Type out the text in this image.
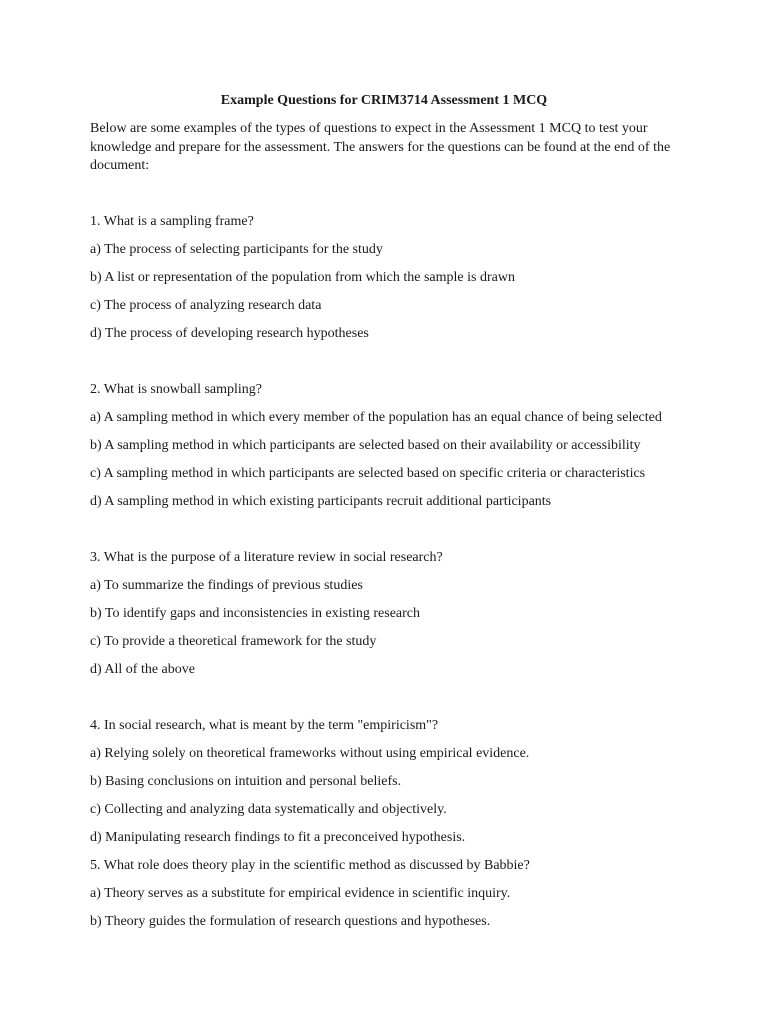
Example Questions for CRIM3714 Assessment 1 MCQ

Below are some examples of the types of questions to expect in the Assessment 1 MCQ to test your knowledge and prepare for the assessment. The answers for the questions can be found at the end of the document:

1. What is a sampling frame?
a) The process of selecting participants for the study
b) A list or representation of the population from which the sample is drawn
c) The process of analyzing research data
d) The process of developing research hypotheses
2. What is snowball sampling?
a) A sampling method in which every member of the population has an equal chance of being selected
b) A sampling method in which participants are selected based on their availability or accessibility
c) A sampling method in which participants are selected based on specific criteria or characteristics
d) A sampling method in which existing participants recruit additional participants
3. What is the purpose of a literature review in social research?
a) To summarize the findings of previous studies
b) To identify gaps and inconsistencies in existing research
c) To provide a theoretical framework for the study
d) All of the above
4. In social research, what is meant by the term "empiricism"?
a) Relying solely on theoretical frameworks without using empirical evidence.
b) Basing conclusions on intuition and personal beliefs.
c) Collecting and analyzing data systematically and objectively.
d) Manipulating research findings to fit a preconceived hypothesis.
5. What role does theory play in the scientific method as discussed by Babbie?
a) Theory serves as a substitute for empirical evidence in scientific inquiry.
b) Theory guides the formulation of research questions and hypotheses.
